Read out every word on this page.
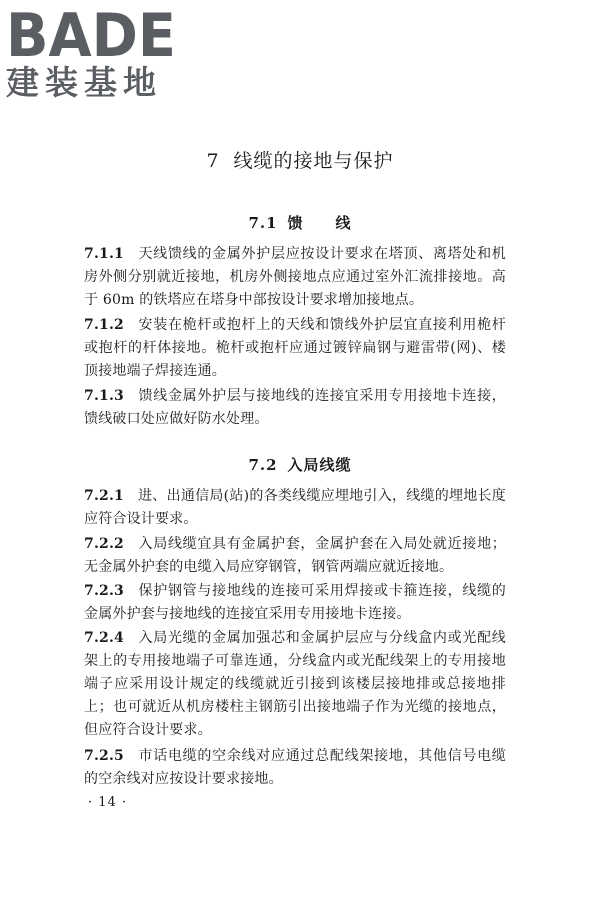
BADE
建装基地
7 线缆的接地与保护
7.1 馈　　线
7.1.1 天线馈线的金属外护层应按设计要求在塔顶、离塔处和机房外侧分别就近接地，机房外侧接地点应通过室外汇流排接地。高于 60m 的铁塔应在塔身中部按设计要求增加接地点。
7.1.2 安装在桅杆或抱杆上的天线和馈线外护层宜直接利用桅杆或抱杆的杆体接地。桅杆或抱杆应通过镀锌扁钢与避雷带(网)、楼顶接地端子焊接连通。
7.1.3 馈线金属外护层与接地线的连接宜采用专用接地卡连接，馈线破口处应做好防水处理。
7.2 入局线缆
7.2.1 进、出通信局(站)的各类线缆应埋地引入，线缆的埋地长度应符合设计要求。
7.2.2 入局线缆宜具有金属护套，金属护套在入局处就近接地；无金属外护套的电缆入局应穿钢管，钢管两端应就近接地。
7.2.3 保护钢管与接地线的连接可采用焊接或卡箍连接，线缆的金属外护套与接地线的连接宜采用专用接地卡连接。
7.2.4 入局光缆的金属加强芯和金属护层应与分线盒内或光配线架上的专用接地端子可靠连通，分线盒内或光配线架上的专用接地端子应采用设计规定的线缆就近引接到该楼层接地排或总接地排上；也可就近从机房楼柱主钢筋引出接地端子作为光缆的接地点，但应符合设计要求。
7.2.5 市话电缆的空余线对应通过总配线架接地，其他信号电缆的空余线对应按设计要求接地。
· 14 ·
